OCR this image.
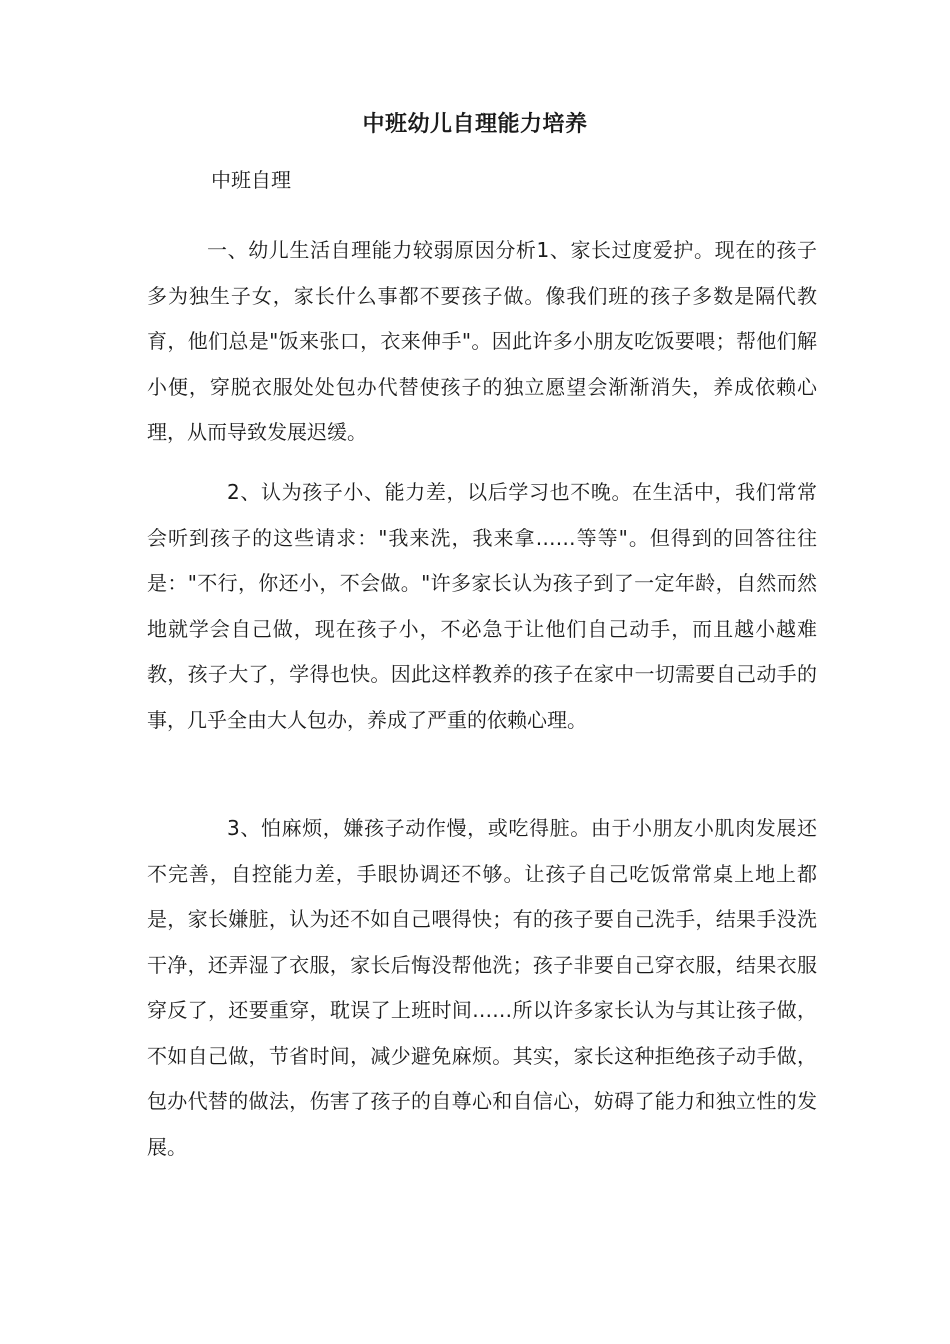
中班幼儿自理能力培养
中班自理

一、幼儿生活自理能力较弱原因分析1、家长过度爱护。现在的孩子多为独生子女，家长什么事都不要孩子做。像我们班的孩子多数是隔代教育，他们总是"饭来张口，衣来伸手"。因此许多小朋友吃饭要喂；帮他们解小便，穿脱衣服处处包办代替使孩子的独立愿望会渐渐消失，养成依赖心理，从而导致发展迟缓。

2、认为孩子小、能力差，以后学习也不晚。在生活中，我们常常会听到孩子的这些请求："我来洗，我来拿……等等"。但得到的回答往往是："不行，你还小，不会做。"许多家长认为孩子到了一定年龄，自然而然地就学会自己做，现在孩子小，不必急于让他们自己动手，而且越小越难教，孩子大了，学得也快。因此这样教养的孩子在家中一切需要自己动手的事，几乎全由大人包办，养成了严重的依赖心理。

3、怕麻烦，嫌孩子动作慢，或吃得脏。由于小朋友小肌肉发展还不完善，自控能力差，手眼协调还不够。让孩子自己吃饭常常桌上地上都是，家长嫌脏，认为还不如自己喂得快；有的孩子要自己洗手，结果手没洗干净，还弄湿了衣服，家长后悔没帮他洗；孩子非要自己穿衣服，结果衣服穿反了，还要重穿，耽误了上班时间……所以许多家长认为与其让孩子做，不如自己做，节省时间，减少避免麻烦。其实，家长这种拒绝孩子动手做，包办代替的做法，伤害了孩子的自尊心和自信心，妨碍了能力和独立性的发展。
